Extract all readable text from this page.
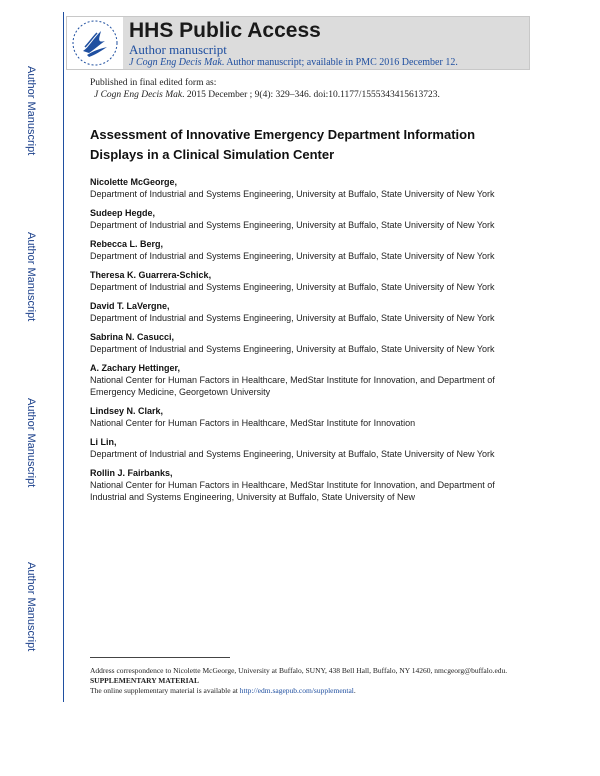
Author Manuscript
Author Manuscript
Author Manuscript
Author Manuscript
HHS Public Access
Author manuscript
J Cogn Eng Decis Mak. Author manuscript; available in PMC 2016 December 12.
Published in final edited form as:
J Cogn Eng Decis Mak. 2015 December ; 9(4): 329–346. doi:10.1177/1555343415613723.
Assessment of Innovative Emergency Department Information Displays in a Clinical Simulation Center
Nicolette McGeorge,
Department of Industrial and Systems Engineering, University at Buffalo, State University of New York
Sudeep Hegde,
Department of Industrial and Systems Engineering, University at Buffalo, State University of New York
Rebecca L. Berg,
Department of Industrial and Systems Engineering, University at Buffalo, State University of New York
Theresa K. Guarrera-Schick,
Department of Industrial and Systems Engineering, University at Buffalo, State University of New York
David T. LaVergne,
Department of Industrial and Systems Engineering, University at Buffalo, State University of New York
Sabrina N. Casucci,
Department of Industrial and Systems Engineering, University at Buffalo, State University of New York
A. Zachary Hettinger,
National Center for Human Factors in Healthcare, MedStar Institute for Innovation, and Department of Emergency Medicine, Georgetown University
Lindsey N. Clark,
National Center for Human Factors in Healthcare, MedStar Institute for Innovation
Li Lin,
Department of Industrial and Systems Engineering, University at Buffalo, State University of New York
Rollin J. Fairbanks,
National Center for Human Factors in Healthcare, MedStar Institute for Innovation, and Department of Industrial and Systems Engineering, University at Buffalo, State University of New
Address correspondence to Nicolette McGeorge, University at Buffalo, SUNY, 438 Bell Hall, Buffalo, NY 14260, nmcgeorg@buffalo.edu.
SUPPLEMENTARY MATERIAL
The online supplementary material is available at http://edm.sagepub.com/supplemental.
